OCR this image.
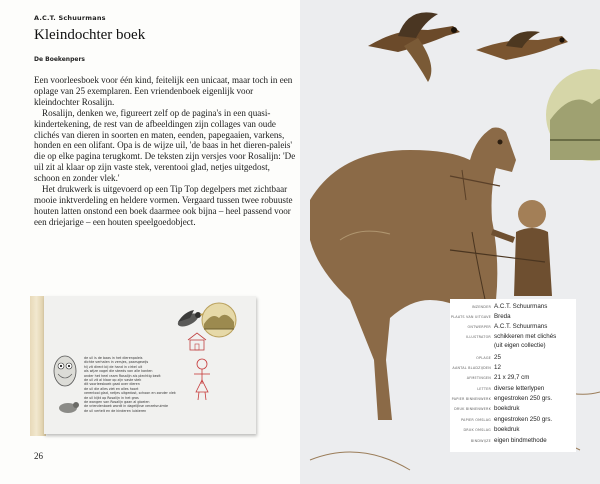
A.C.T. Schuurmans
Kleindochter boek
De Boekenpers

Een voorleesboek voor één kind, feitelijk een unicaat, maar toch in een oplage van 25 exemplaren. Een vriendenboek eigenlijk voor kleindochter Rosalijn.

Rosalijn, denken we, figureert zelf op de pagina's in een quasi-kindertekening, de rest van de afbeeldingen zijn collages van oude clichés van dieren in soorten en maten, eenden, papegaaien, varkens, honden en een olifant. Opa is de wijze uil, 'de baas in het dieren-paleis' die op elke pagina terugkomt. De teksten zijn versjes voor Rosalijn: 'De uil zit al klaar op zijn vaste stek, verentooi glad, netjes uitgedost, schoon en zonder vlek.'

Het drukwerk is uitgevoerd op een Tip Top degelpers met zichtbaar mooie inktverdeling en heldere vormen. Vergaard tussen twee robuuste houten latten onstond een boek daarmee ook bijna – heel passend voor een driejarige – een houten speelgoedobject.

de uil is de baas in het dierenpaleis
dichte verhalen in versjes, paarsgewijs
hij zit direct bij de hand in cirkel uit
als wijze vogel die steeds van alle kanten
onder het heel raam Rosalijn als plechtig bezit
de uil zit al klaar op zijn vaste stek
dit voorleesboek gaat over dieren
de uil die alles ziet en alles hoort
verentooi glad, netjes uitgedost, schoon en zonder vlek
de uil kijkt op Rosalijn in het gras
de wangen van Rosalijn gaan al gloeien
de vriendenboek wordt in dagelijkse verzetsruimte
de uil vertelt en de kinderen luisteren
26
INZENDER A.C.T. Schuurmans
PLAATS VAN UITGAVE Breda
ONTWERPER A.C.T. Schuurmans
ILLUSTRATOR schikkeren met clichés
(uit eigen collectie)
OPLAGE 25
AANTAL BLADZIJDEN 12
AFMETINGEN 21 x 29,7 cm
LETTER diverse letterlypen
PAPIER BINNENWERK engestroken 250 grs.
DRUK BINNENWERK boekdruk
PAPIER OMSLAG engestroken 250 grs.
DRUK OMSLAG boekdruk
BINDWIJZE eigen bindmethode
